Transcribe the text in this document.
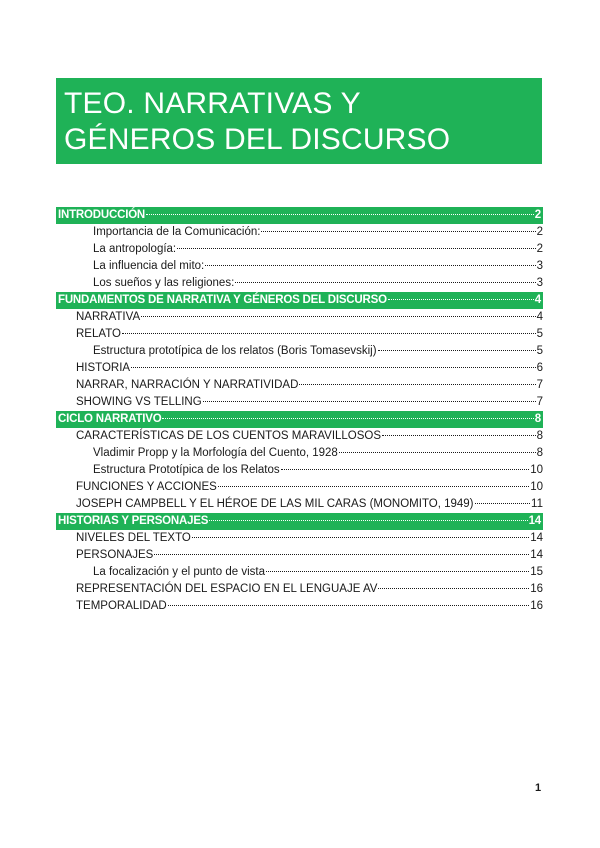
TEO. NARRATIVAS Y
GÉNEROS DEL DISCURSO
INTRODUCCIÓN	2
Importancia de la Comunicación:	2
La antropología:	2
La influencia del mito:	3
Los sueños y las religiones:	3
FUNDAMENTOS DE NARRATIVA Y GÉNEROS DEL DISCURSO	4
NARRATIVA	4
RELATO	5
Estructura prototípica de los relatos (Boris Tomasevskij)	5
HISTORIA	6
NARRAR, NARRACIÓN Y NARRATIVIDAD	7
SHOWING VS TELLING	7
CICLO NARRATIVO	8
CARACTERÍSTICAS DE LOS CUENTOS MARAVILLOSOS	8
Vladimir Propp y la Morfología del Cuento, 1928	8
Estructura Prototípica de los Relatos	10
FUNCIONES Y ACCIONES	10
JOSEPH CAMPBELL Y EL HÉROE DE LAS MIL CARAS (MONOMITO, 1949)	11
HISTORIAS Y PERSONAJES	14
NIVELES DEL TEXTO	14
PERSONAJES	14
La focalización y el punto de vista	15
REPRESENTACIÓN DEL ESPACIO EN EL LENGUAJE AV	16
TEMPORALIDAD	16
1
